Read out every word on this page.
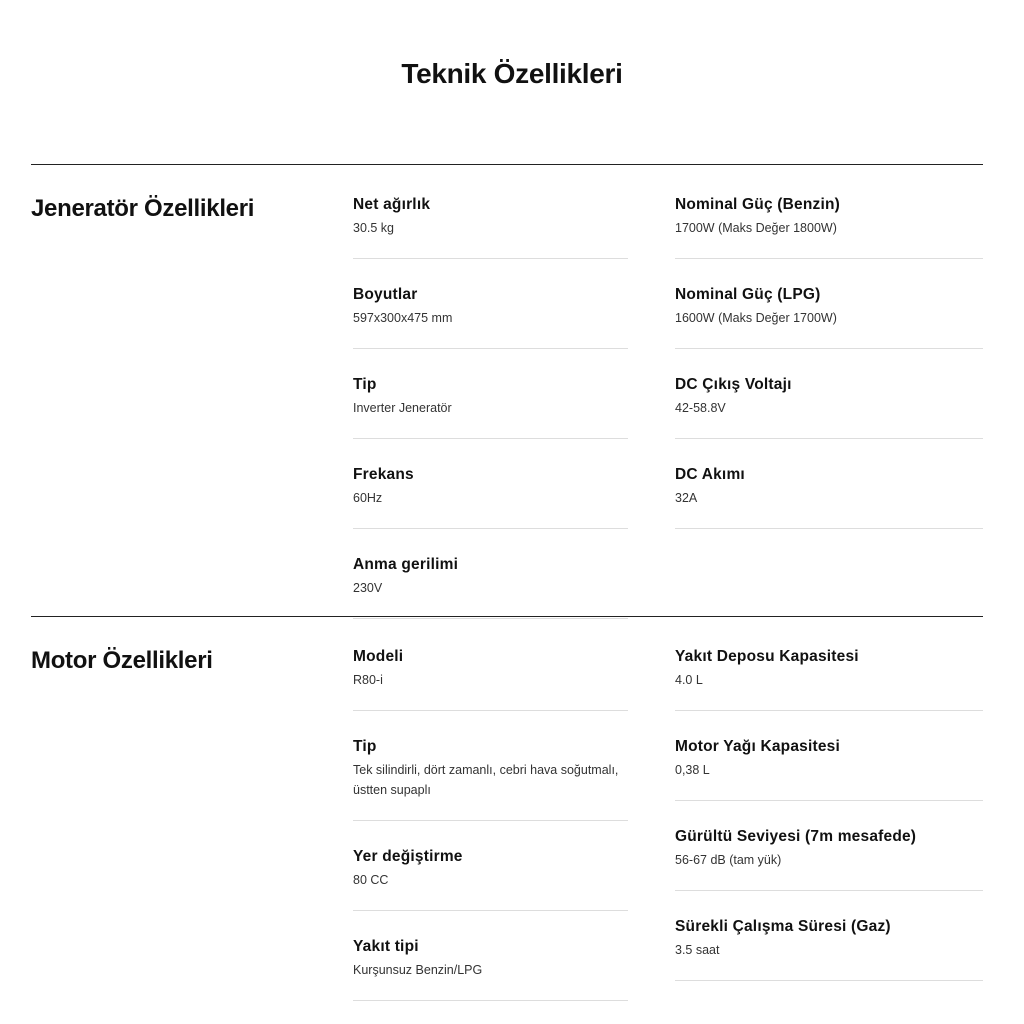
Teknik Özellikleri
Jeneratör Özellikleri	Net ağırlık
30.5 kg
Boyutlar
597x300x475 mm
Tip
Inverter Jeneratör
Frekans
60Hz
Anma gerilimi
230V
Nominal Güç (Benzin)
1700W (Maks Değer 1800W)
Nominal Güç (LPG)
1600W (Maks Değer 1700W)
DC Çıkış Voltajı
42-58.8V
DC Akımı
32A
Motor Özellikleri	Modeli
R80-i
Tip
Tek silindirli, dört zamanlı, cebri hava soğutmalı, üstten supaplı
Yer değiştirme
80 CC
Yakıt tipi
Kurşunsuz Benzin/LPG
Yakıt Deposu Kapasitesi
4.0 L
Motor Yağı Kapasitesi
0,38 L
Gürültü Seviyesi (7m mesafede)
56-67 dB (tam yük)
Sürekli Çalışma Süresi (Gaz)
3.5 saat
